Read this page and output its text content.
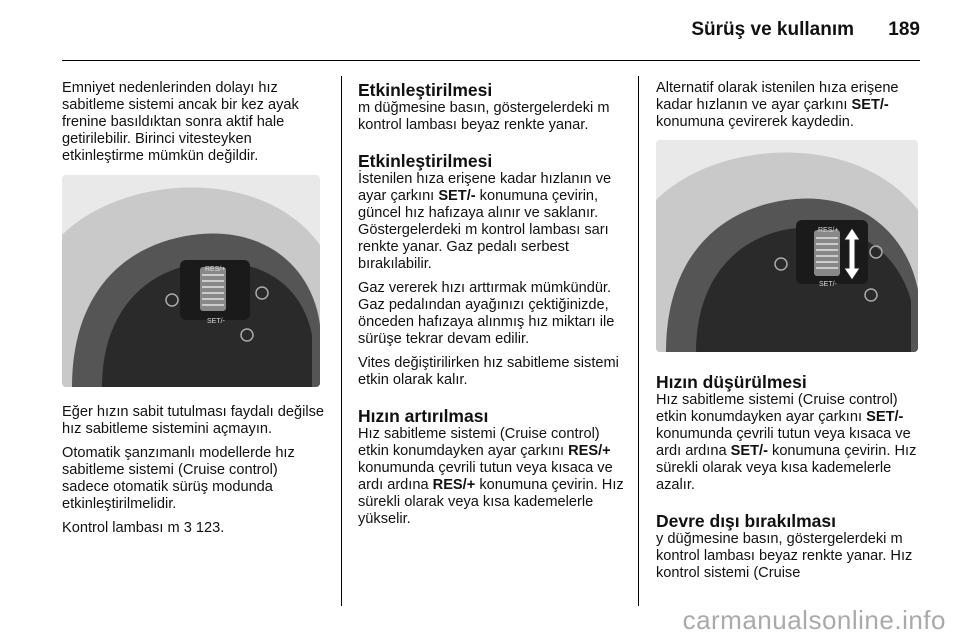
Sürüş ve kullanım 189

Emniyet nedenlerinden dolayı hız sabitleme sistemi ancak bir kez ayak frenine basıldıktan sonra aktif hale getirilebilir. Birinci vitesteyken etkinleştirme mümkün değildir.

RES/+
SET/-

Eğer hızın sabit tutulması faydalı değilse hız sabitleme sistemini açmayın.

Otomatik şanzımanlı modellerde hız sabitleme sistemi (Cruise control) sadece otomatik sürüş modunda etkinleştirilmelidir.

Kontrol lambası m 3 123.

Etkinleştirilmesi

m düğmesine basın, göstergelerdeki m kontrol lambası beyaz renkte yanar.

Etkinleştirilmesi

İstenilen hıza erişene kadar hızlanın ve ayar çarkını SET/- konumuna çevirin, güncel hız hafızaya alınır ve saklanır. Göstergelerdeki m kontrol lambası sarı renkte yanar. Gaz pedalı serbest bırakılabilir.

Gaz vererek hızı arttırmak mümkündür. Gaz pedalından ayağınızı çektiğinizde, önceden hafızaya alınmış hız miktarı ile sürüşe tekrar devam edilir.

Vites değiştirilirken hız sabitleme sistemi etkin olarak kalır.

Hızın artırılması

Hız sabitleme sistemi (Cruise control) etkin konumdayken ayar çarkını RES/+ konumunda çevrili tutun veya kısaca ve ardı ardına RES/+ konumuna çevirin. Hız sürekli olarak veya kısa kademelerle yükselir.

Alternatif olarak istenilen hıza erişene kadar hızlanın ve ayar çarkını SET/- konumuna çevirerek kaydedin.

RES/+
SET/-
Hızın düşürülmesi

Hız sabitleme sistemi (Cruise control) etkin konumdayken ayar çarkını SET/- konumunda çevrili tutun veya kısaca ve ardı ardına SET/- konumuna çevirin. Hız sürekli olarak veya kısa kademelerle azalır.

Devre dışı bırakılması

y düğmesine basın, göstergelerdeki m kontrol lambası beyaz renkte yanar. Hız kontrol sistemi (Cruise

carmanualsonline.info
